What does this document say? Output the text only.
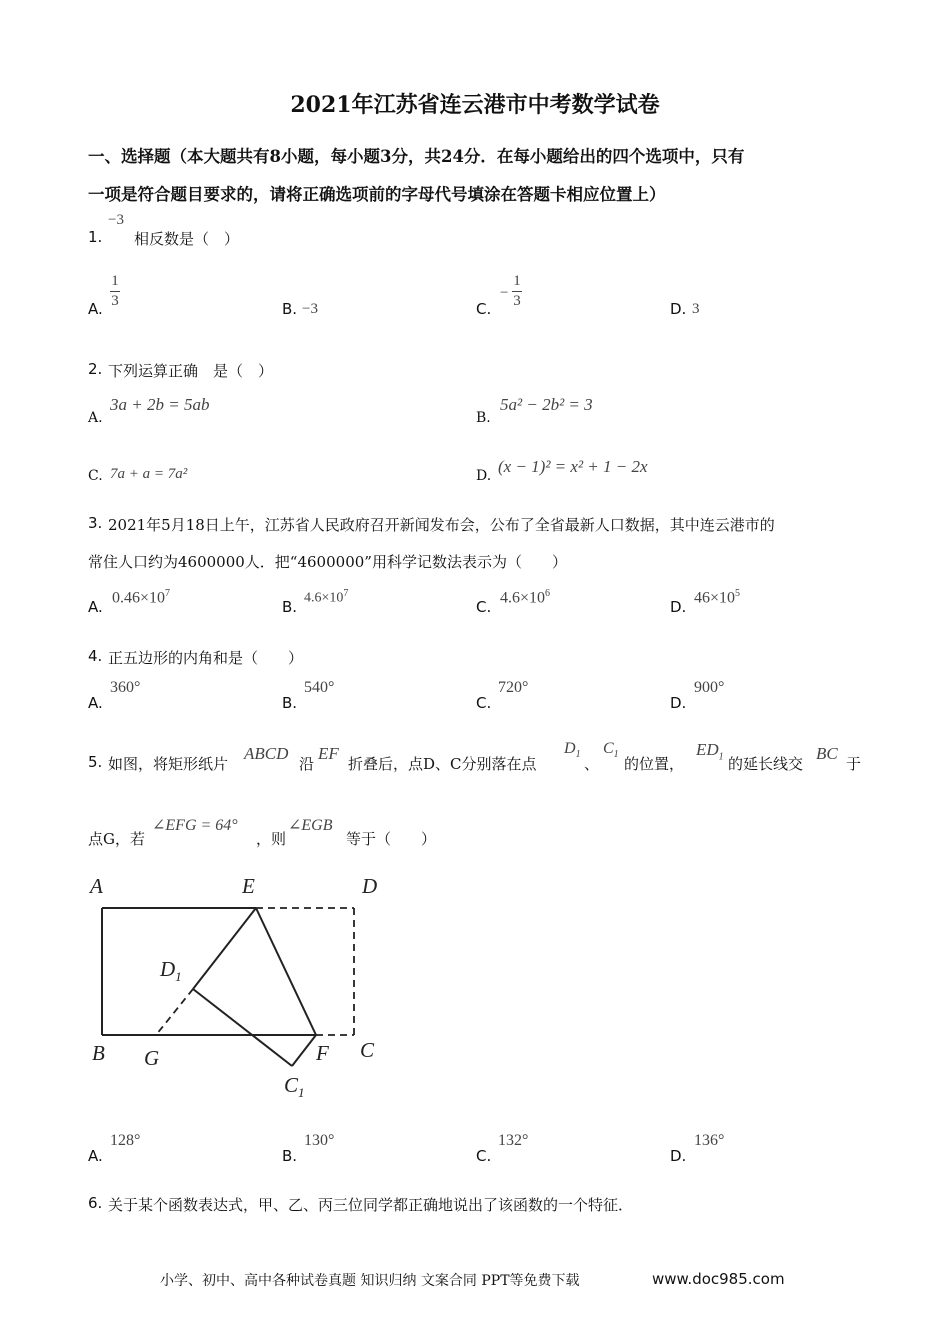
2021年江苏省连云港市中考数学试卷
一、选择题（本大题共有8小题，每小题3分，共24分．在每小题给出的四个选项中，只有
一项是符合题目要求的，请将正确选项前的字母代号填涂在答题卡相应位置上）
1.
−3
相反数是（　）
A.
1
3	B. −3	C.
−
1
3	D. 3
2. 下列运算正确　是（　）
A.
3a + 2b = 5ab
B.
5a² − 2b² = 3
C. 7a + a = 7a²	D. (x − 1)² = x² + 1 − 2x
3. 2021年5月18日上午，江苏省人民政府召开新闻发布会，公布了全省最新人口数据，其中连云港市的
常住人口约为4600000人．把“4600000”用科学记数法表示为（　　）
A.
$0.46\times 10^7$
B. $4.6\times 10^7$
C.
$4.6\times 10^6$
D.
$46\times 10^5$
4. 正五边形的内角和是（　　）
A.
360°
B.
540°
C.
720°
D.
900°
5. 如图，将矩形纸片
ABCD
沿
EF
折叠后，点D、C分别落在点
$D_1$
、
$C_1$
的位置，
$ED_1$ 的延长线交
BC
于
点G，若
∠EFG = 64°
，则
∠EGB
等于（　　）
A	E	D
$D_1$
B G	F C
$C_1$
A.
128°
B.
130°
C.
132°
D.
136°
6. 关于某个函数表达式，甲、乙、丙三位同学都正确地说出了该函数的一个特征．
小学、初中、高中各种试卷真题 知识归纳 文案合同 PPT等免费下载	www.doc985.com
